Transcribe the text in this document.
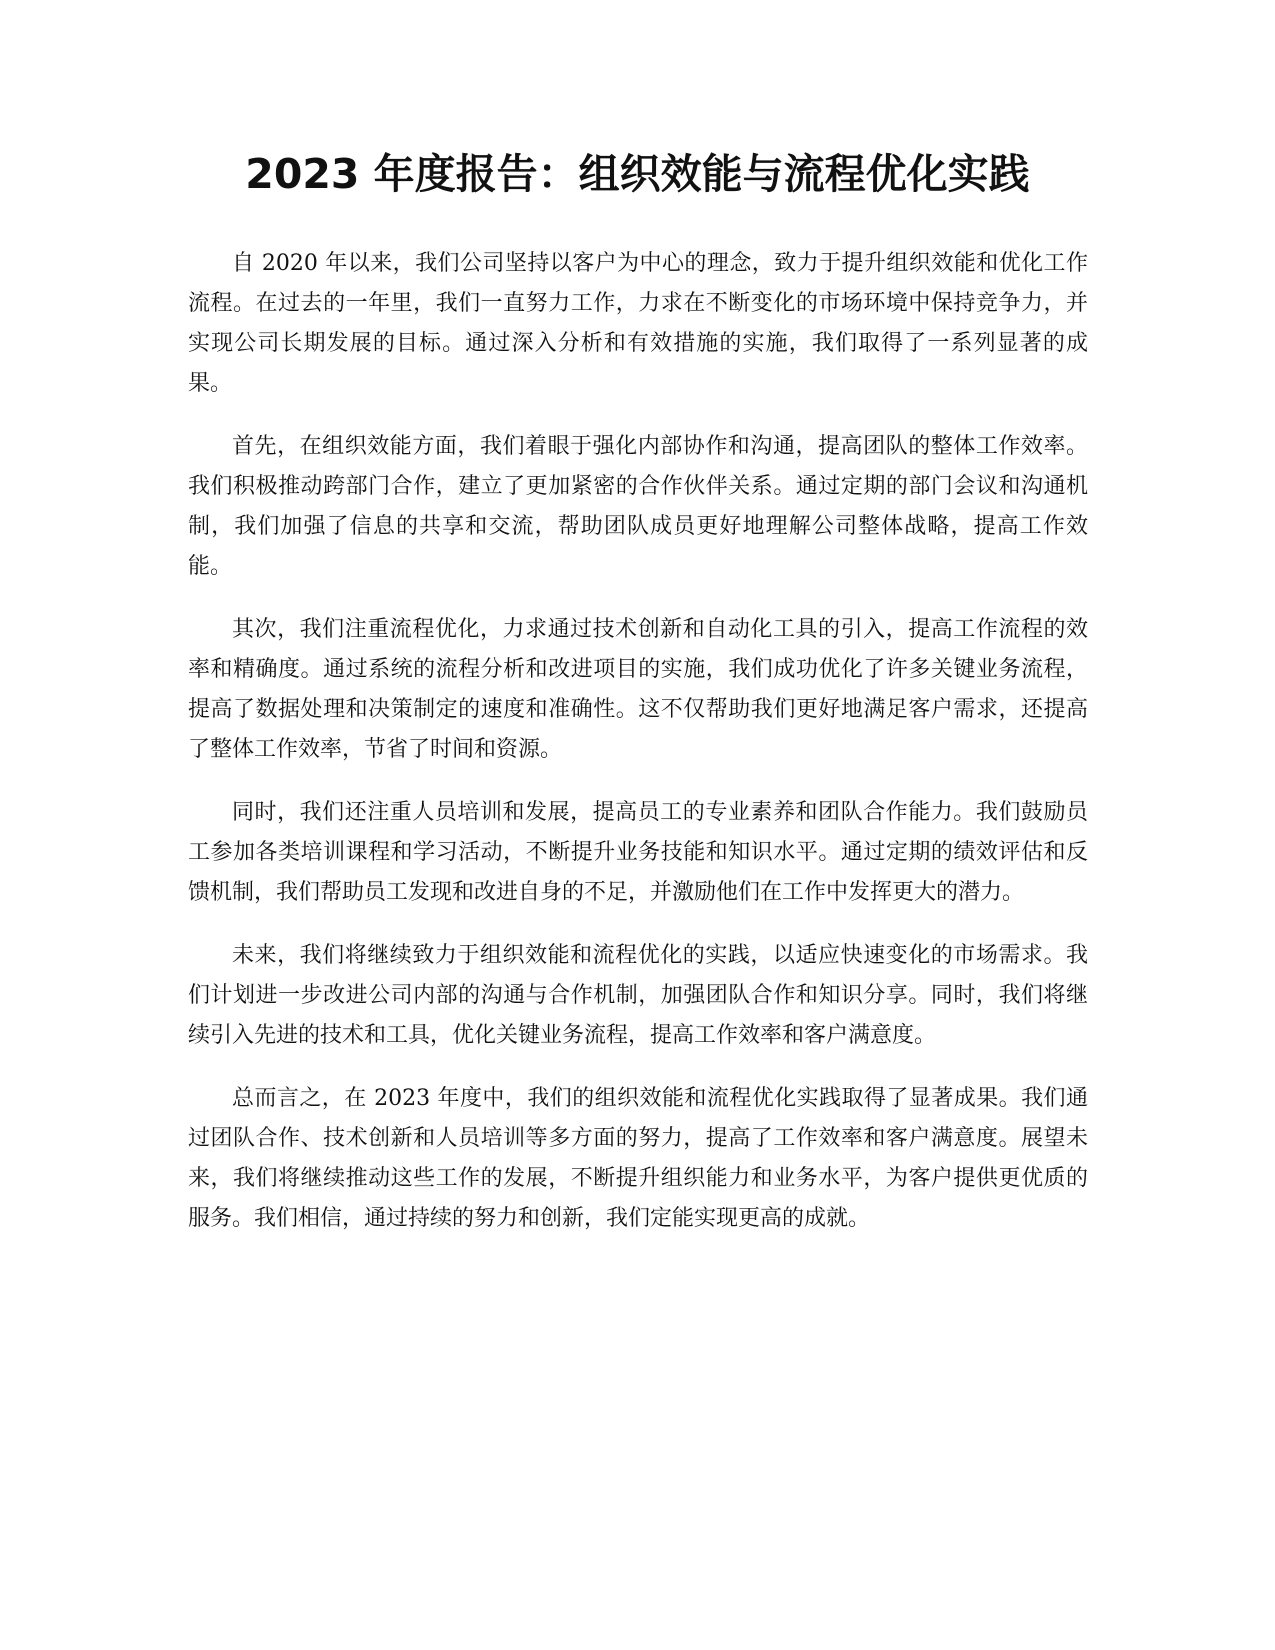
2023 年度报告：组织效能与流程优化实践

自 2020 年以来，我们公司坚持以客户为中心的理念，致力于提升组织效能和优化工作流程。在过去的一年里，我们一直努力工作，力求在不断变化的市场环境中保持竞争力，并实现公司长期发展的目标。通过深入分析和有效措施的实施，我们取得了一系列显著的成果。

首先，在组织效能方面，我们着眼于强化内部协作和沟通，提高团队的整体工作效率。我们积极推动跨部门合作，建立了更加紧密的合作伙伴关系。通过定期的部门会议和沟通机制，我们加强了信息的共享和交流，帮助团队成员更好地理解公司整体战略，提高工作效能。

其次，我们注重流程优化，力求通过技术创新和自动化工具的引入，提高工作流程的效率和精确度。通过系统的流程分析和改进项目的实施，我们成功优化了许多关键业务流程，提高了数据处理和决策制定的速度和准确性。这不仅帮助我们更好地满足客户需求，还提高了整体工作效率，节省了时间和资源。

同时，我们还注重人员培训和发展，提高员工的专业素养和团队合作能力。我们鼓励员工参加各类培训课程和学习活动，不断提升业务技能和知识水平。通过定期的绩效评估和反馈机制，我们帮助员工发现和改进自身的不足，并激励他们在工作中发挥更大的潜力。

未来，我们将继续致力于组织效能和流程优化的实践，以适应快速变化的市场需求。我们计划进一步改进公司内部的沟通与合作机制，加强团队合作和知识分享。同时，我们将继续引入先进的技术和工具，优化关键业务流程，提高工作效率和客户满意度。

总而言之，在 2023 年度中，我们的组织效能和流程优化实践取得了显著成果。我们通过团队合作、技术创新和人员培训等多方面的努力，提高了工作效率和客户满意度。展望未来，我们将继续推动这些工作的发展，不断提升组织能力和业务水平，为客户提供更优质的服务。我们相信，通过持续的努力和创新，我们定能实现更高的成就。
